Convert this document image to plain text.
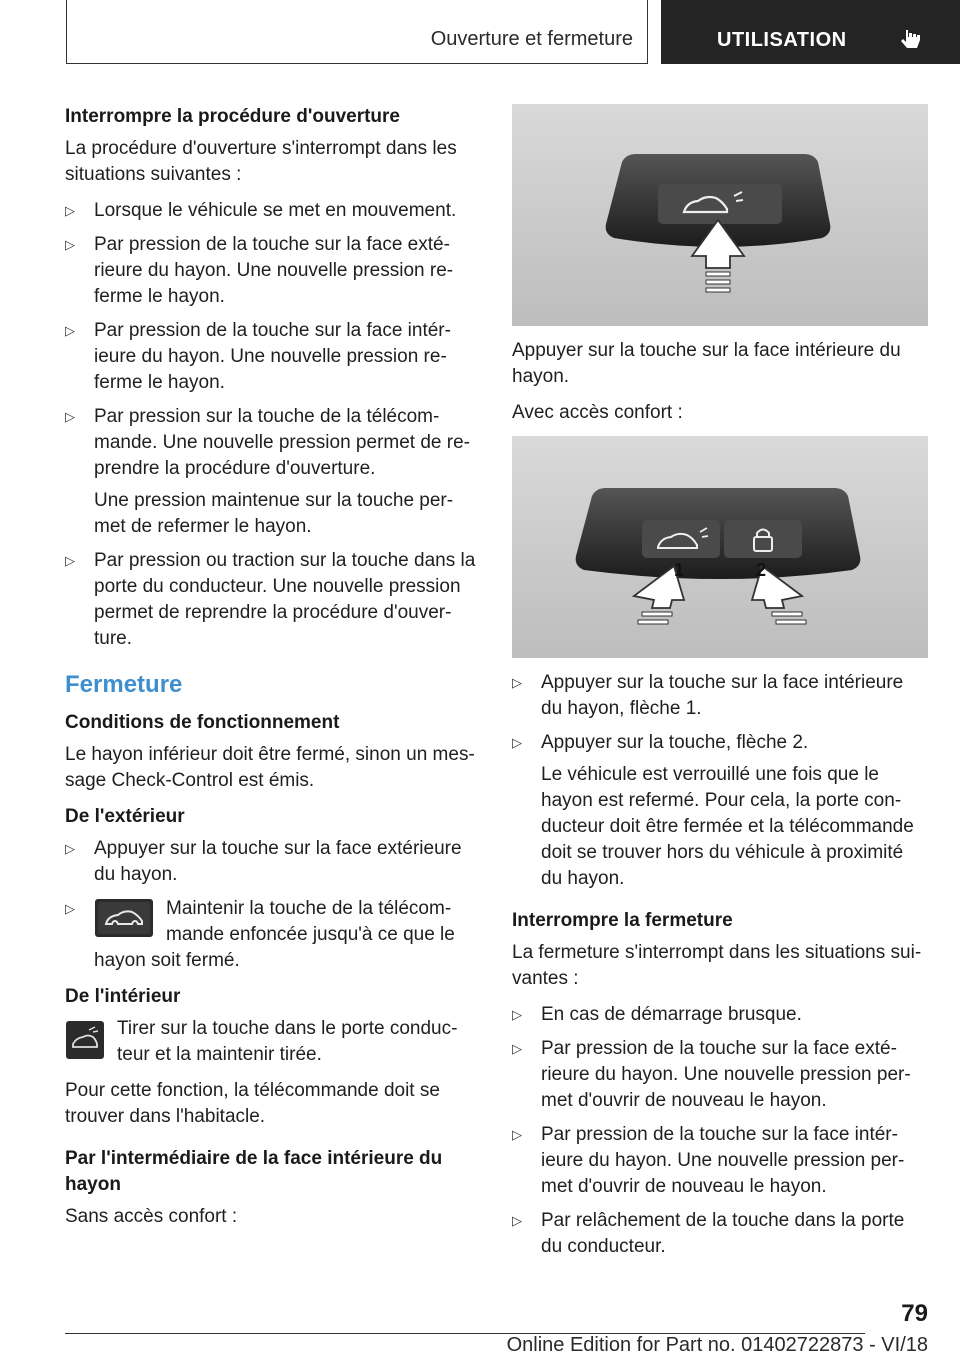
Ouverture et fermeture	UTILISATION
Interrompre la procédure d'ouverture

La procédure d'ouverture s'interrompt dans les situations suivantes :

▷ Lorsque le véhicule se met en mouvement.
▷ Par pression de la touche sur la face extérieure du hayon. Une nouvelle pression referme le hayon.
▷ Par pression de la touche sur la face intérieure du hayon. Une nouvelle pression referme le hayon.
▷ Par pression sur la touche de la télécommande. Une nouvelle pression permet de reprendre la procédure d'ouverture.
Une pression maintenue sur la touche permet de refermer le hayon.
▷ Par pression ou traction sur la touche dans la porte du conducteur. Une nouvelle pression permet de reprendre la procédure d'ouverture.
Fermeture
Conditions de fonctionnement

Le hayon inférieur doit être fermé, sinon un message Check-Control est émis.

De l'extérieur
▷ Appuyer sur la touche sur la face extérieure du hayon.
▷	Maintenir la touche de la télécommande enfoncée jusqu'à ce que le hayon soit fermé.
De l'intérieur

Tirer sur la touche dans le porte conducteur et la maintenir tirée.

Pour cette fonction, la télécommande doit se trouver dans l'habitacle.

Par l'intermédiaire de la face intérieure du hayon

Sans accès confort :

Appuyer sur la touche sur la face intérieure du hayon.

Avec accès confort :

1	2
▷ Appuyer sur la touche sur la face intérieure du hayon, flèche 1.
▷ Appuyer sur la touche, flèche 2.
Le véhicule est verrouillé une fois que le hayon est refermé. Pour cela, la porte conducteur doit être fermée et la télécommande doit se trouver hors du véhicule à proximité du hayon.
Interrompre la fermeture

La fermeture s'interrompt dans les situations suivantes :

▷ En cas de démarrage brusque.
▷ Par pression de la touche sur la face extérieure du hayon. Une nouvelle pression permet d'ouvrir de nouveau le hayon.
▷ Par pression de la touche sur la face intérieure du hayon. Une nouvelle pression permet d'ouvrir de nouveau le hayon.
▷ Par relâchement de la touche dans la porte du conducteur.
79
Online Edition for Part no. 01402722873 - VI/18
